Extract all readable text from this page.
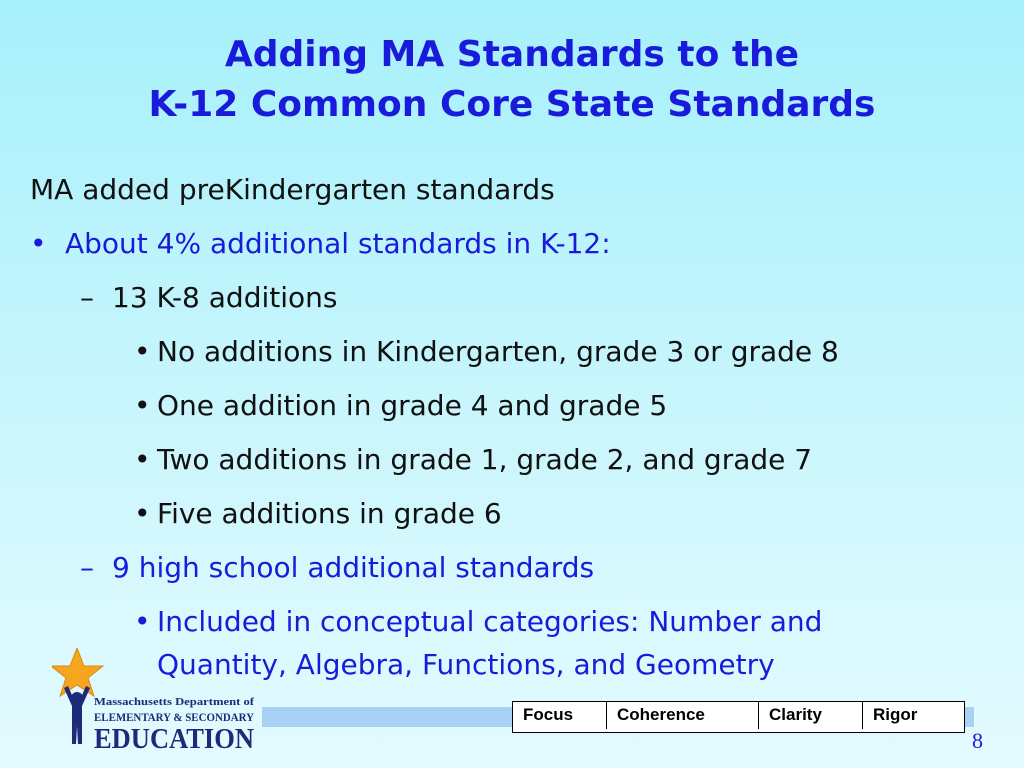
Adding MA Standards to the
K-12 Common Core State Standards
MA added preKindergarten standards
• About 4% additional standards in K-12:
– 13 K-8 additions
• No additions in Kindergarten, grade 3 or grade 8
• One addition in grade 4 and grade 5
• Two additions in grade 1, grade 2, and grade 7
• Five additions in grade 6
– 9 high school additional standards
• Included in conceptual categories: Number and
Quantity, Algebra, Functions, and Geometry
Massachusetts Department of
ELEMENTARY & SECONDARY
EDUCATION
Focus	Coherence	Clarity	Rigor
8
